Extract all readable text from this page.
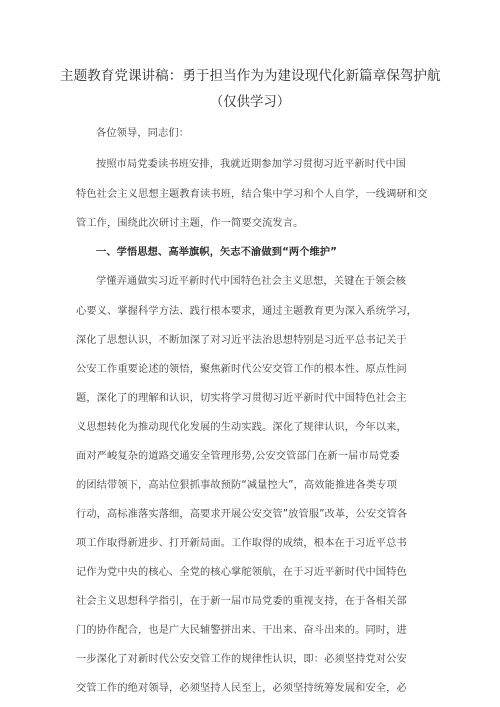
主题教育党课讲稿：勇于担当作为为建设现代化新篇章保驾护航
（仅供学习）
各位领导，同志们：
按照市局党委读书班安排，我就近期参加学习贯彻习近平新时代中国
特色社会主义思想主题教育读书班，结合集中学习和个人自学，一线调研和交
管工作，围绕此次研讨主题，作一简要交流发言。
一、学悟思想、高举旗帜，矢志不渝做到“两个维护”
学懂弄通做实习近平新时代中国特色社会主义思想，关键在于领会核
心要义、掌握科学方法、践行根本要求，通过主题教育更为深入系统学习，
深化了思想认识，不断加深了对习近平法治思想特别是习近平总书记关于
公安工作重要论述的领悟，聚焦新时代公安交管工作的根本性、原点性问
题，深化了的理解和认识，切实将学习贯彻习近平新时代中国特色社会主
义思想转化为推动现代化发展的生动实践。深化了规律认识，今年以来，
面对严峻复杂的道路交通安全管理形势,公安交管部门在新一届市局党委
的团结带领下，高站位狠抓事故预防“减量控大”，高效能推进各类专项
行动，高标准落实落细，高要求开展公安交管”放管服”改革，公安交管各
项工作取得新进步、打开新局面。工作取得的成绩，根本在于习近平总书
记作为党中央的核心、全党的核心掌舵领航，在于习近平新时代中国特色
社会主义思想科学指引，在于新一届市局党委的重视支持，在于各相关部
门的协作配合，也是广大民辅警拼出来、干出来、奋斗出来的。同时，进
一步深化了对新时代公安交管工作的规律性认识，即：必须坚持党对公安
交管工作的绝对领导，必须坚持人民至上，必须坚持统筹发展和安全，必
